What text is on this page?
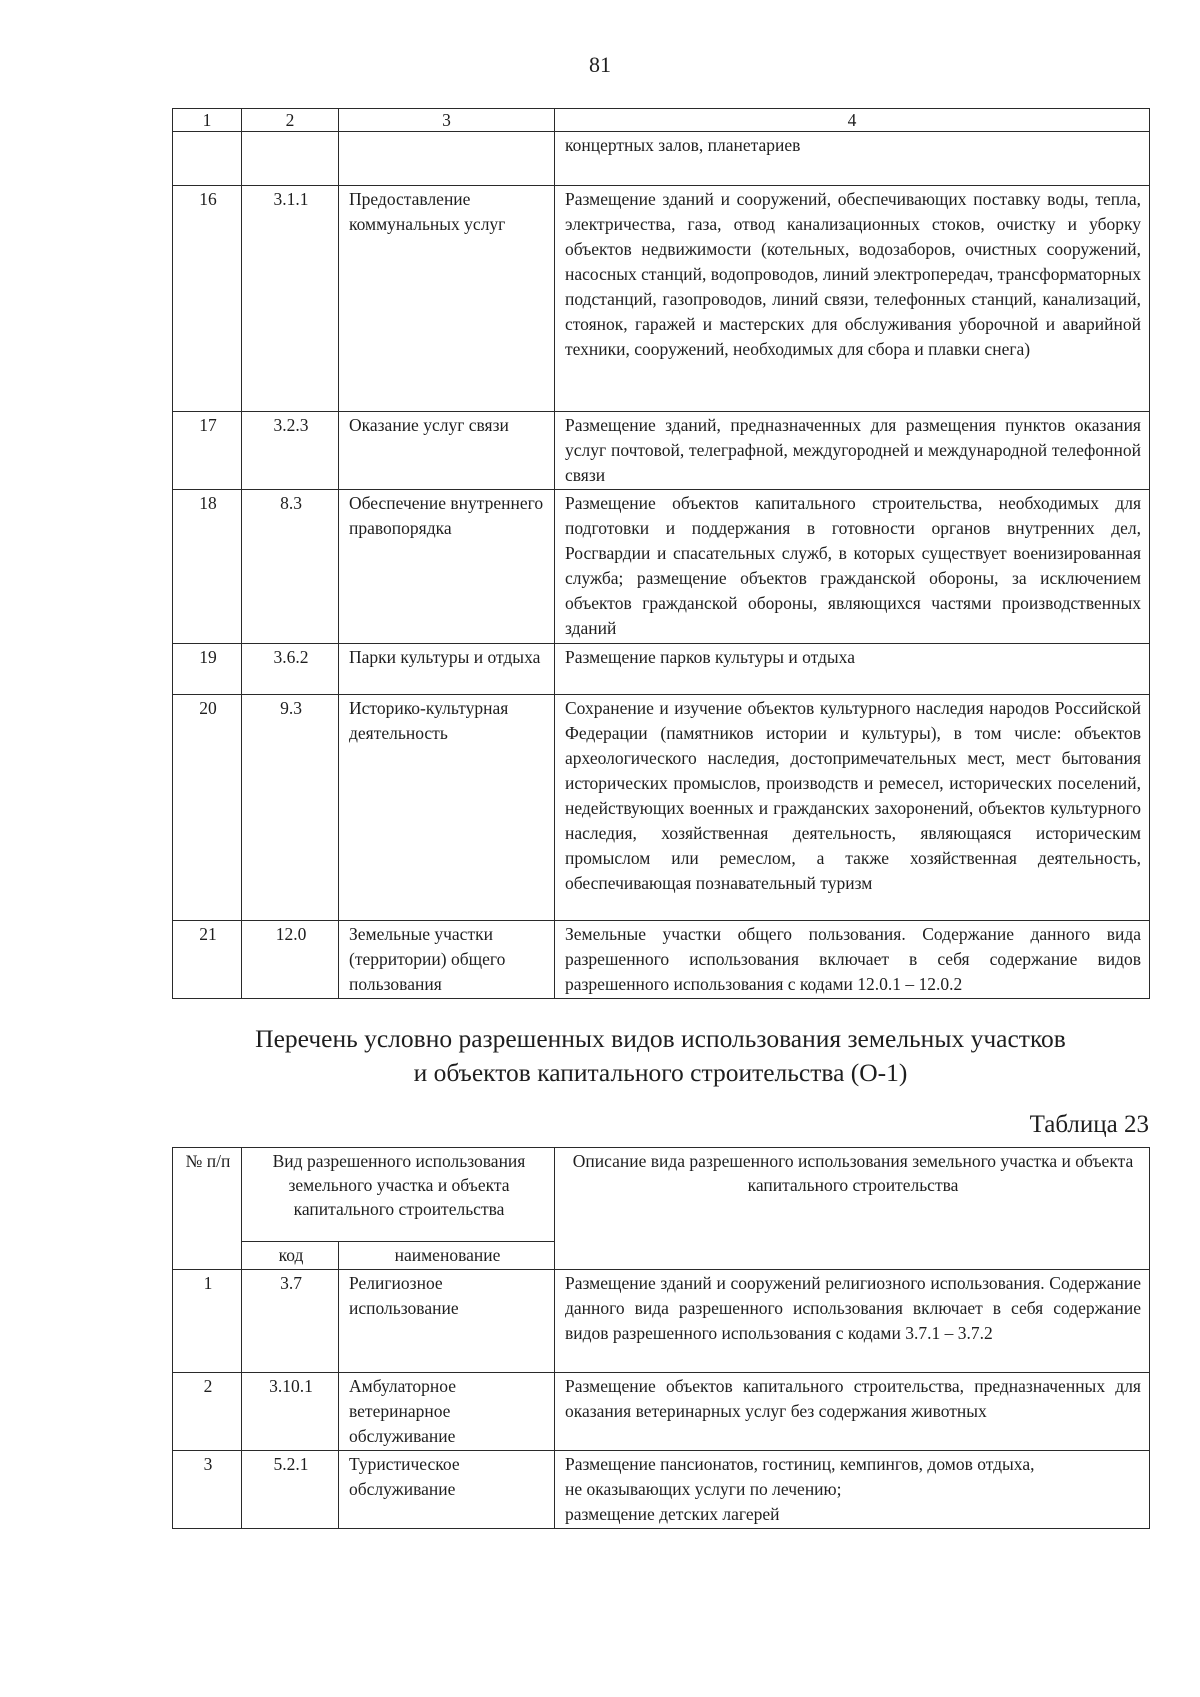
81
1	2	3	4
			концертных залов, планетариев
16	3.1.1	Предоставление коммунальных услуг	Размещение зданий и сооружений, обеспечивающих поставку воды, тепла, электричества, газа, отвод канализационных стоков, очистку и уборку объектов недвижимости (котельных, водозаборов, очистных сооружений, насосных станций, водопроводов, линий электропередач, трансформаторных подстанций, газопроводов, линий связи, телефонных станций, канализаций, стоянок, гаражей и мастерских для обслуживания уборочной и аварийной техники, сооружений, необходимых для сбора и плавки снега)
17	3.2.3	Оказание услуг связи	Размещение зданий, предназначенных для размещения пунктов оказания услуг почтовой, телеграфной, междугородней и международной телефонной связи
18	8.3	Обеспечение внутреннего правопорядка	Размещение объектов капитального строительства, необходимых для подготовки и поддержания в готовности органов внутренних дел, Росгвардии и спасательных служб, в которых существует военизированная служба; размещение объектов гражданской обороны, за исключением объектов гражданской обороны, являющихся частями производственных зданий
19	3.6.2	Парки культуры и отдыха	Размещение парков культуры и отдыха
20	9.3	Историко-культурная деятельность	Сохранение и изучение объектов культурного наследия народов Российской Федерации (памятников истории и культуры), в том числе: объектов археологического наследия, достопримечательных мест, мест бытования исторических промыслов, производств и ремесел, исторических поселений, недействующих военных и гражданских захоронений, объектов культурного наследия, хозяйственная деятельность, являющаяся историческим промыслом или ремеслом, а также хозяйственная деятельность, обеспечивающая познавательный туризм
21	12.0	Земельные участки (территории) общего пользования	Земельные участки общего пользования. Содержание данного вида разрешенного использования включает в себя содержание видов разрешенного использования с кодами 12.0.1 – 12.0.2
Перечень условно разрешенных видов использования земельных участков
и объектов капитального строительства (О-1)
Таблица 23
№ п/п	Вид разрешенного использования земельного участка и объекта капитального строительства		Описание вида разрешенного использования земельного участка и объекта капитального строительства
	код	наименование	
1	3.7	Религиозное использование	Размещение зданий и сооружений религиозного использования. Содержание данного вида разрешенного использования включает в себя содержание видов разрешенного использования с кодами 3.7.1 – 3.7.2
2	3.10.1	Амбулаторное ветеринарное обслуживание	Размещение объектов капитального строительства, предназначенных для оказания ветеринарных услуг без содержания животных
3	5.2.1	Туристическое обслуживание	Размещение пансионатов, гостиниц, кемпингов, домов отдыха,
не оказывающих услуги по лечению;
размещение детских лагерей
